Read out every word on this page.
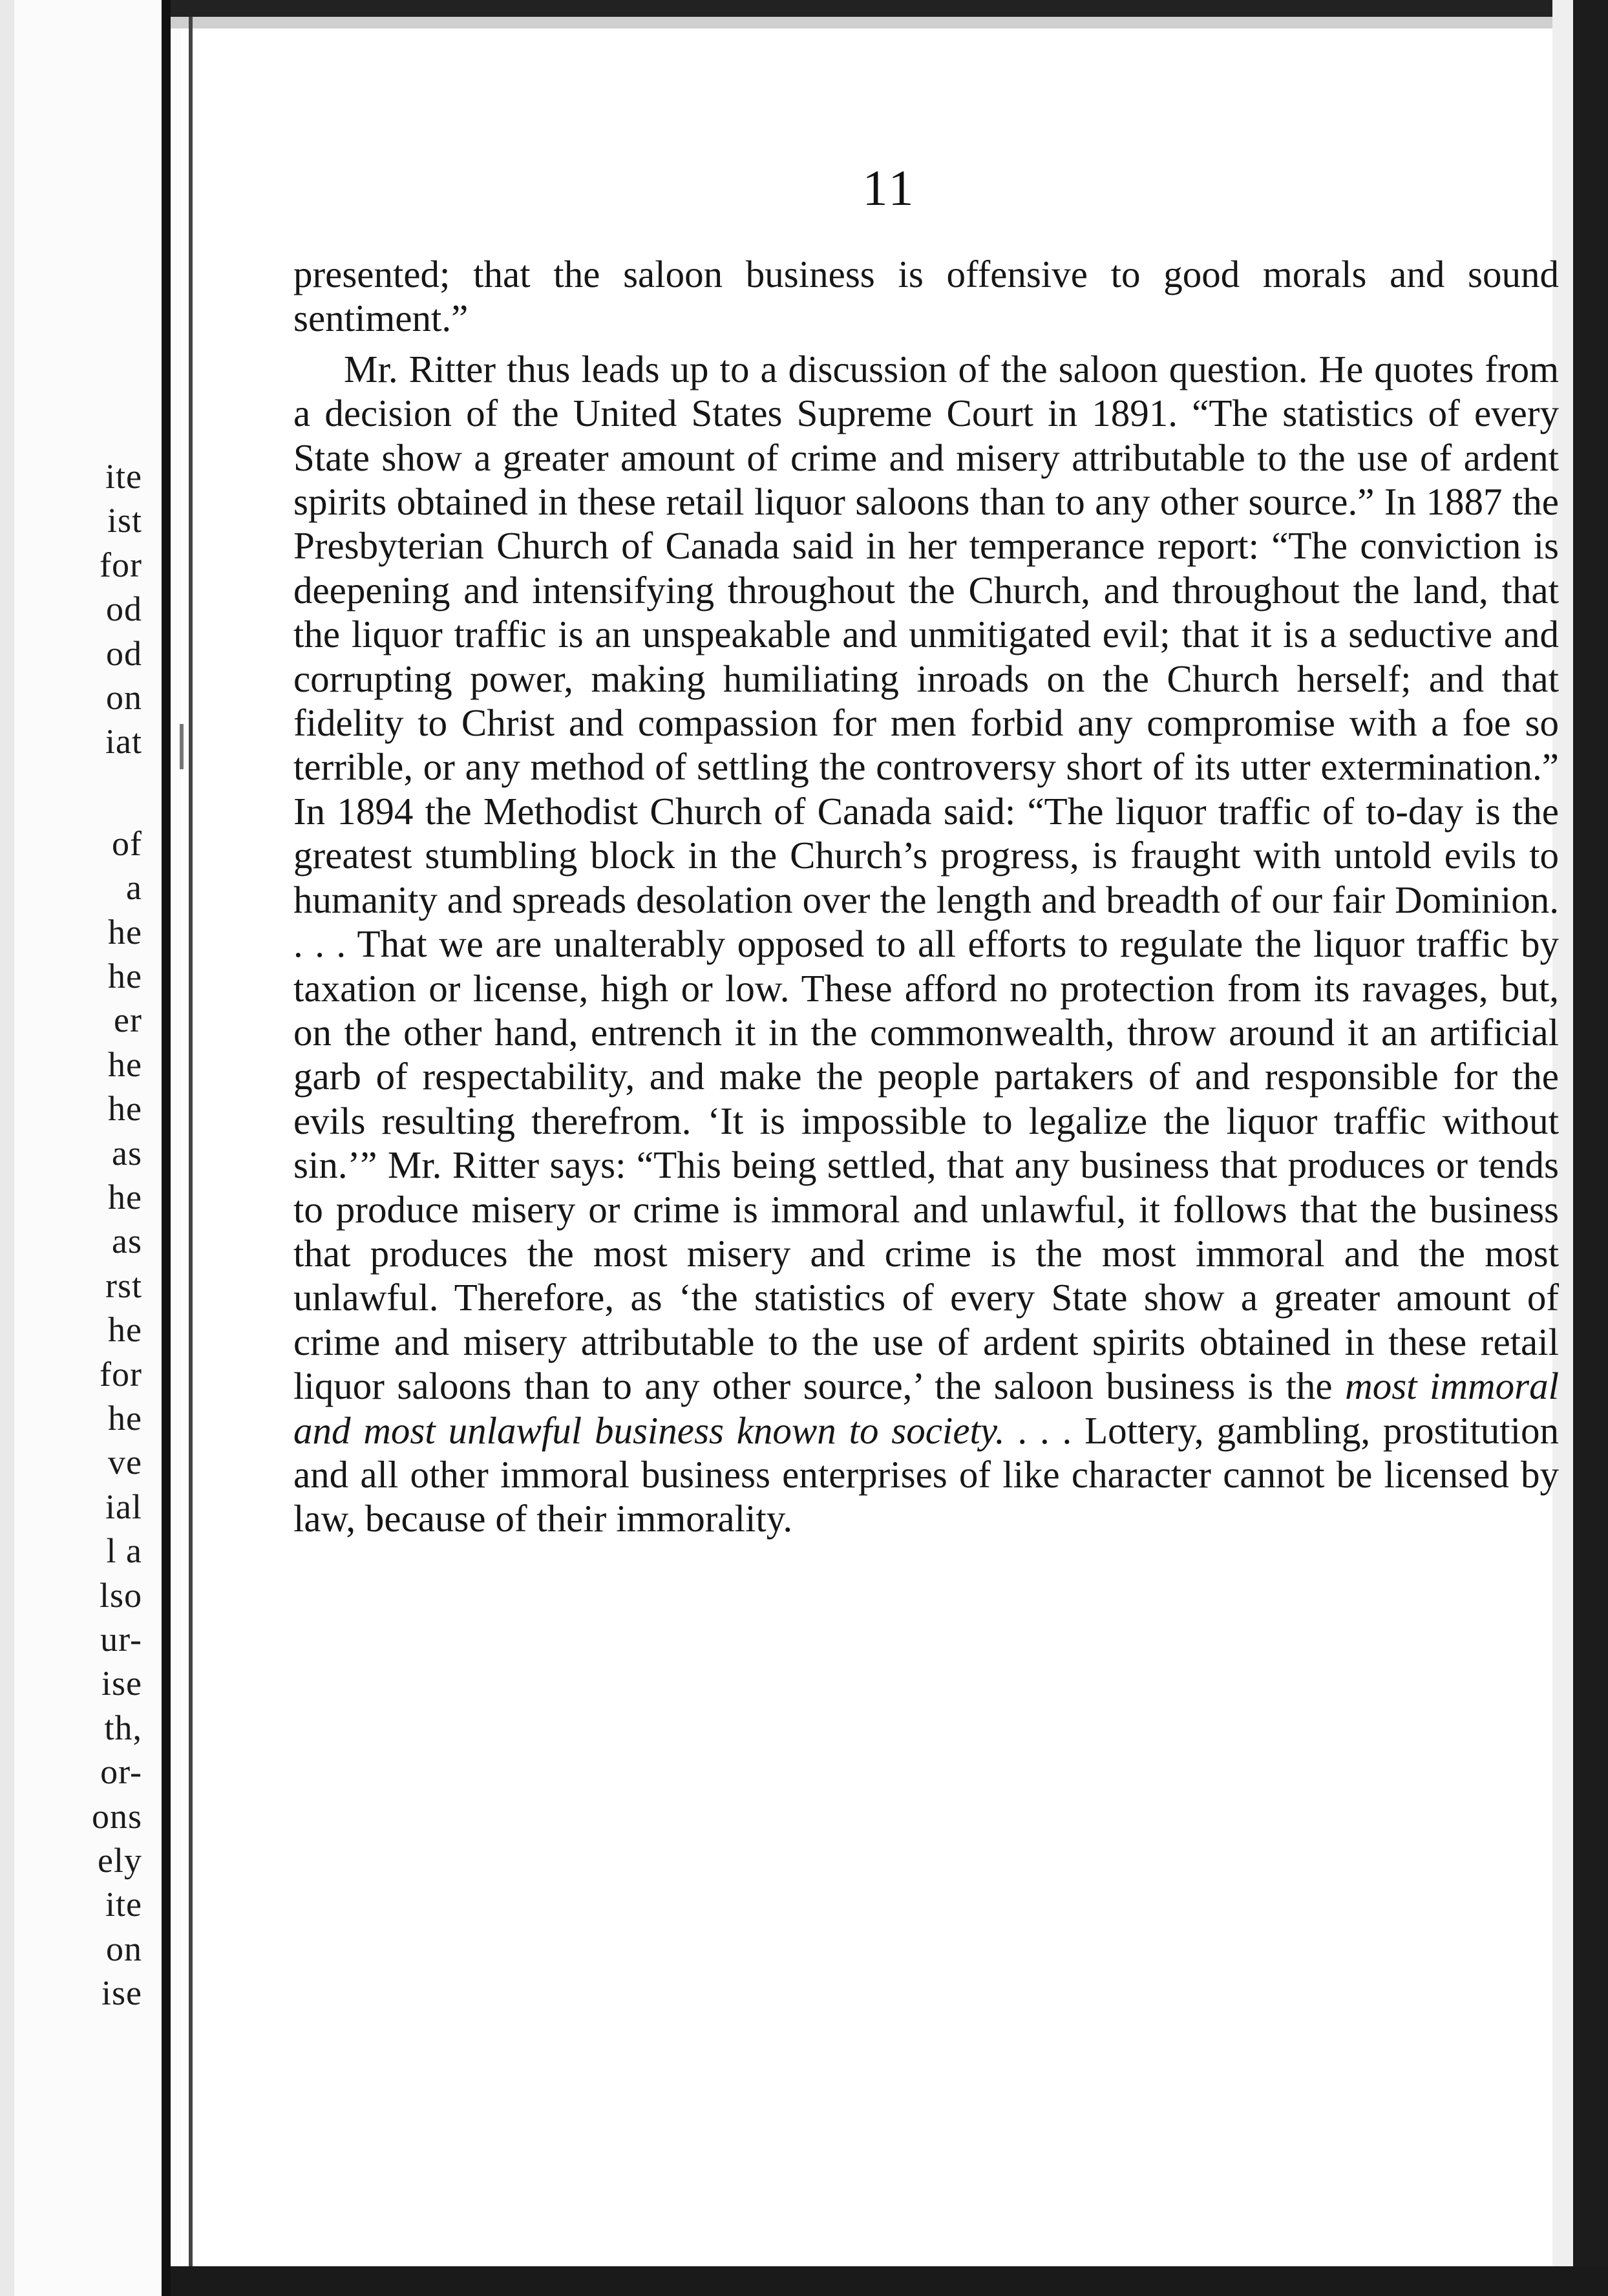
ite
ist
for
od
od
on
iat
of
a
he
he
er
he
he
as
he
as
rst
he
for
he
ve
ial
l a
lso
ur-
ise
th,
or-
ons
ely
ite
on
ise
11

presented; that the saloon business is offensive to good morals and sound sentiment.”

Mr. Ritter thus leads up to a discussion of the saloon question. He quotes from a decision of the United States Supreme Court in 1891. “The statistics of every State show a greater amount of crime and misery attributable to the use of ardent spirits obtained in these retail liquor saloons than to any other source.” In 1887 the Presbyterian Church of Canada said in her temperance report: “The conviction is deepening and intensifying throughout the Church, and throughout the land, that the liquor traffic is an unspeakable and unmitigated evil; that it is a seductive and corrupting power, making humiliating inroads on the Church herself; and that fidelity to Christ and compassion for men forbid any compromise with a foe so terrible, or any method of settling the controversy short of its utter extermination.” In 1894 the Methodist Church of Canada said: “The liquor traffic of to-day is the greatest stumbling block in the Church’s progress, is fraught with untold evils to humanity and spreads desolation over the length and breadth of our fair Dominion. . . . That we are unalterably opposed to all efforts to regulate the liquor traffic by taxation or license, high or low. These afford no protection from its ravages, but, on the other hand, entrench it in the commonwealth, throw around it an artificial garb of respectability, and make the people partakers of and responsible for the evils resulting therefrom. ‘It is impossible to legalize the liquor traffic without sin.’” Mr. Ritter says: “This being settled, that any business that produces or tends to produce misery or crime is immoral and unlawful, it follows that the business that produces the most misery and crime is the most immoral and the most unlawful. Therefore, as ‘the statistics of every State show a greater amount of crime and misery attributable to the use of ardent spirits obtained in these retail liquor saloons than to any other source,’ the saloon business is the most immoral and most unlawful business known to society. . . . Lottery, gambling, prostitution and all other immoral business enterprises of like character cannot be licensed by law, because of their immorality.
